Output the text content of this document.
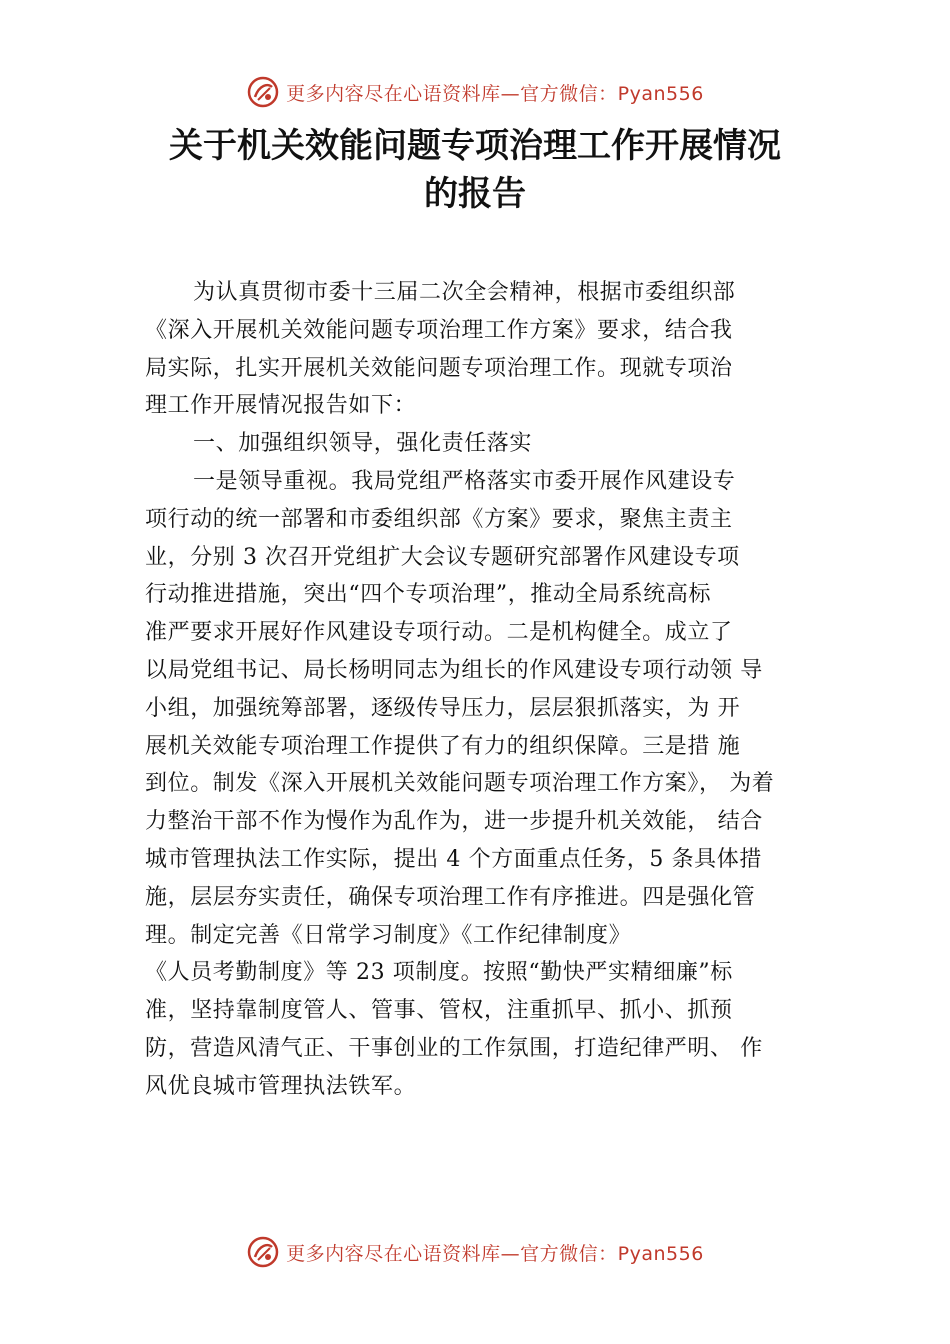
更多内容尽在心语资料库—官方微信：Pyan556
关于机关效能问题专项治理工作开展情况
的报告
为认真贯彻市委十三届二次全会精神，根据市委组织部
《深入开展机关效能问题专项治理工作方案》要求，结合我
局实际，扎实开展机关效能问题专项治理工作。现就专项治
理工作开展情况报告如下：
一、加强组织领导，强化责任落实
一是领导重视。我局党组严格落实市委开展作风建设专
项行动的统一部署和市委组织部《方案》要求，聚焦主责主
业，分别 3 次召开党组扩大会议专题研究部署作风建设专项
行动推进措施，突出“四个专项治理”，推动全局系统高标
准严要求开展好作风建设专项行动。二是机构健全。成立了
以局党组书记、局长杨明同志为组长的作风建设专项行动领 导
小组，加强统筹部署，逐级传导压力，层层狠抓落实，为 开
展机关效能专项治理工作提供了有力的组织保障。三是措 施
到位。制发《深入开展机关效能问题专项治理工作方案》， 为着
力整治干部不作为慢作为乱作为，进一步提升机关效能， 结合
城市管理执法工作实际，提出 4 个方面重点任务，5 条具体措
施，层层夯实责任，确保专项治理工作有序推进。四是强化管
理。制定完善《日常学习制度》《工作纪律制度》
《人员考勤制度》等 23 项制度。按照“勤快严实精细廉”标
准，坚持靠制度管人、管事、管权，注重抓早、抓小、抓预
防，营造风清气正、干事创业的工作氛围，打造纪律严明、 作
风优良城市管理执法铁军。
更多内容尽在心语资料库—官方微信：Pyan556
